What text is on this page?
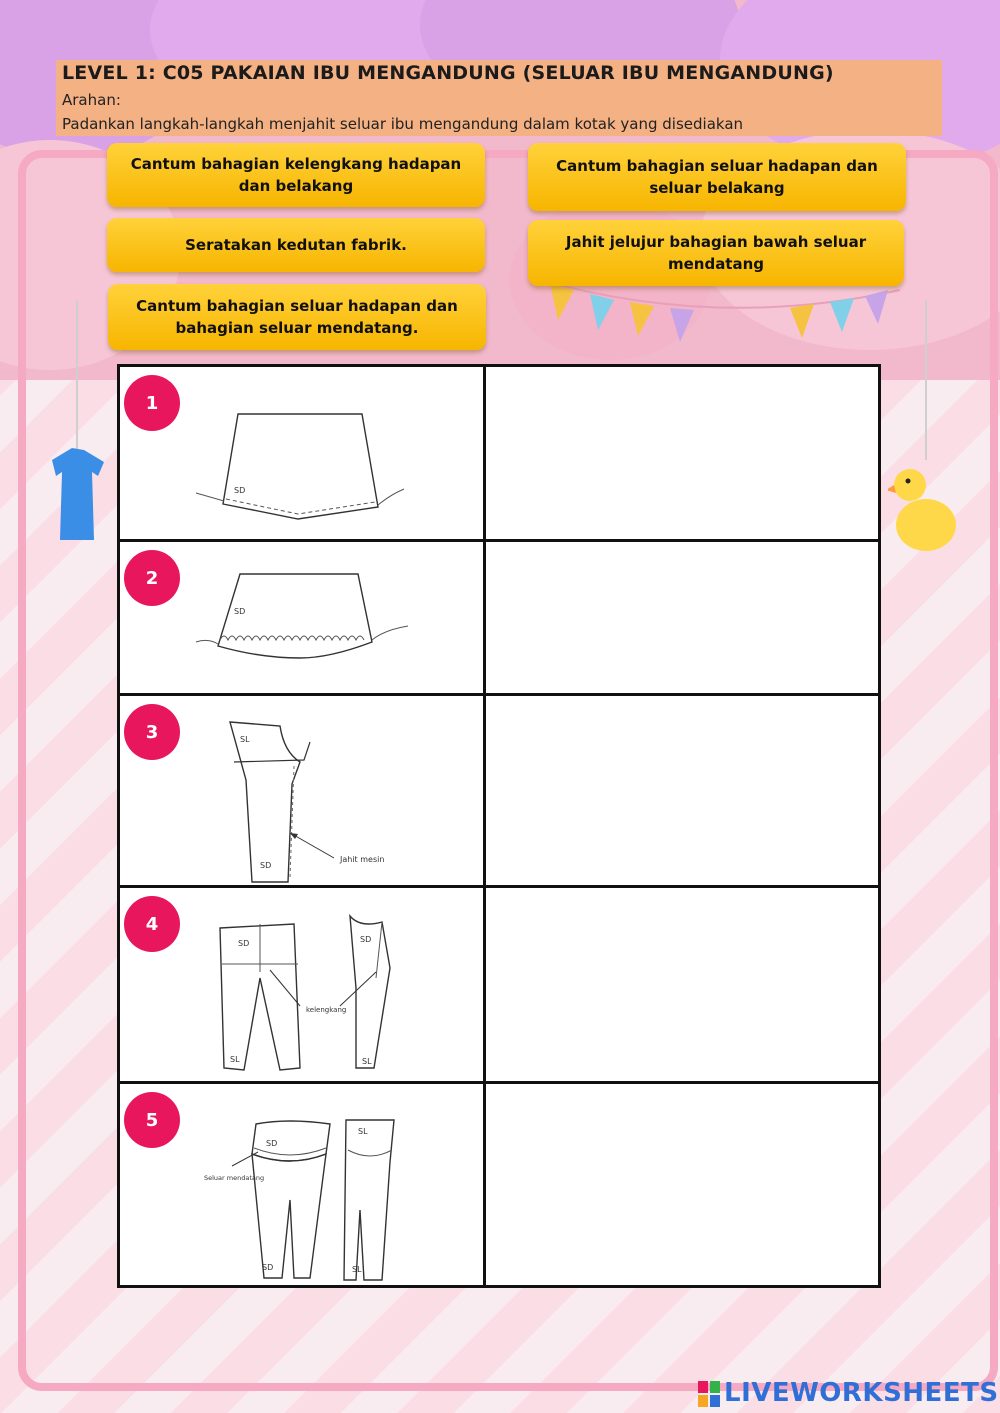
LEVEL 1: C05 PAKAIAN IBU MENGANDUNG (SELUAR IBU MENGANDUNG)
Arahan:
Padankan langkah-langkah menjahit seluar ibu mengandung dalam kotak yang disediakan
Cantum bahagian kelengkang hadapan dan belakang
Cantum bahagian seluar hadapan dan seluar belakang
Seratakan kedutan fabrik.	Jahit jelujur bahagian bawah seluar mendatang
Cantum bahagian seluar hadapan dan bahagian seluar mendatang.
1
SD
2
SD
3	SL
SD
Jahit mesin
4
SD	SD
kelengkang
SL	SL
5
SD
SL
Seluar mendatang
SD	SL
LIVEWORKSHEETS
